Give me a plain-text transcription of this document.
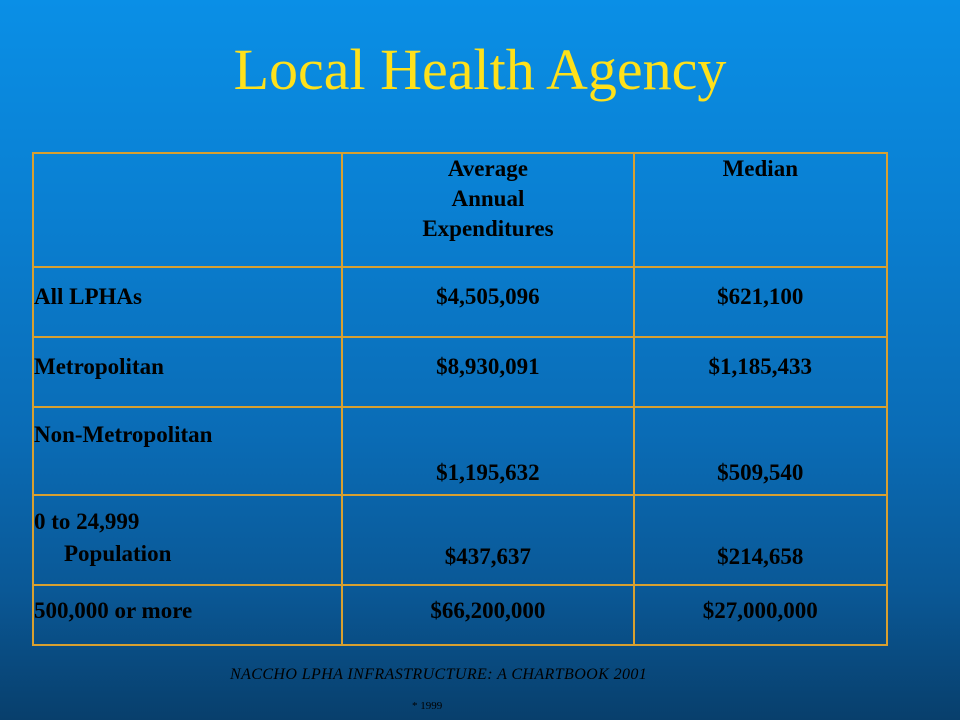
Local Health Agency

	Average
Annual
Expenditures	Median

All LPHAs	$4,505,096	$621,100

Metropolitan	$8,930,091	$1,185,433

Non-Metropolitan	$1,195,632	$509,540

0 to 24,999
Population	$437,637	$214,658

500,000 or more	$66,200,000	$27,000,000
NACCHO LPHA INFRASTRUCTURE: A CHARTBOOK 2001
* 1999
